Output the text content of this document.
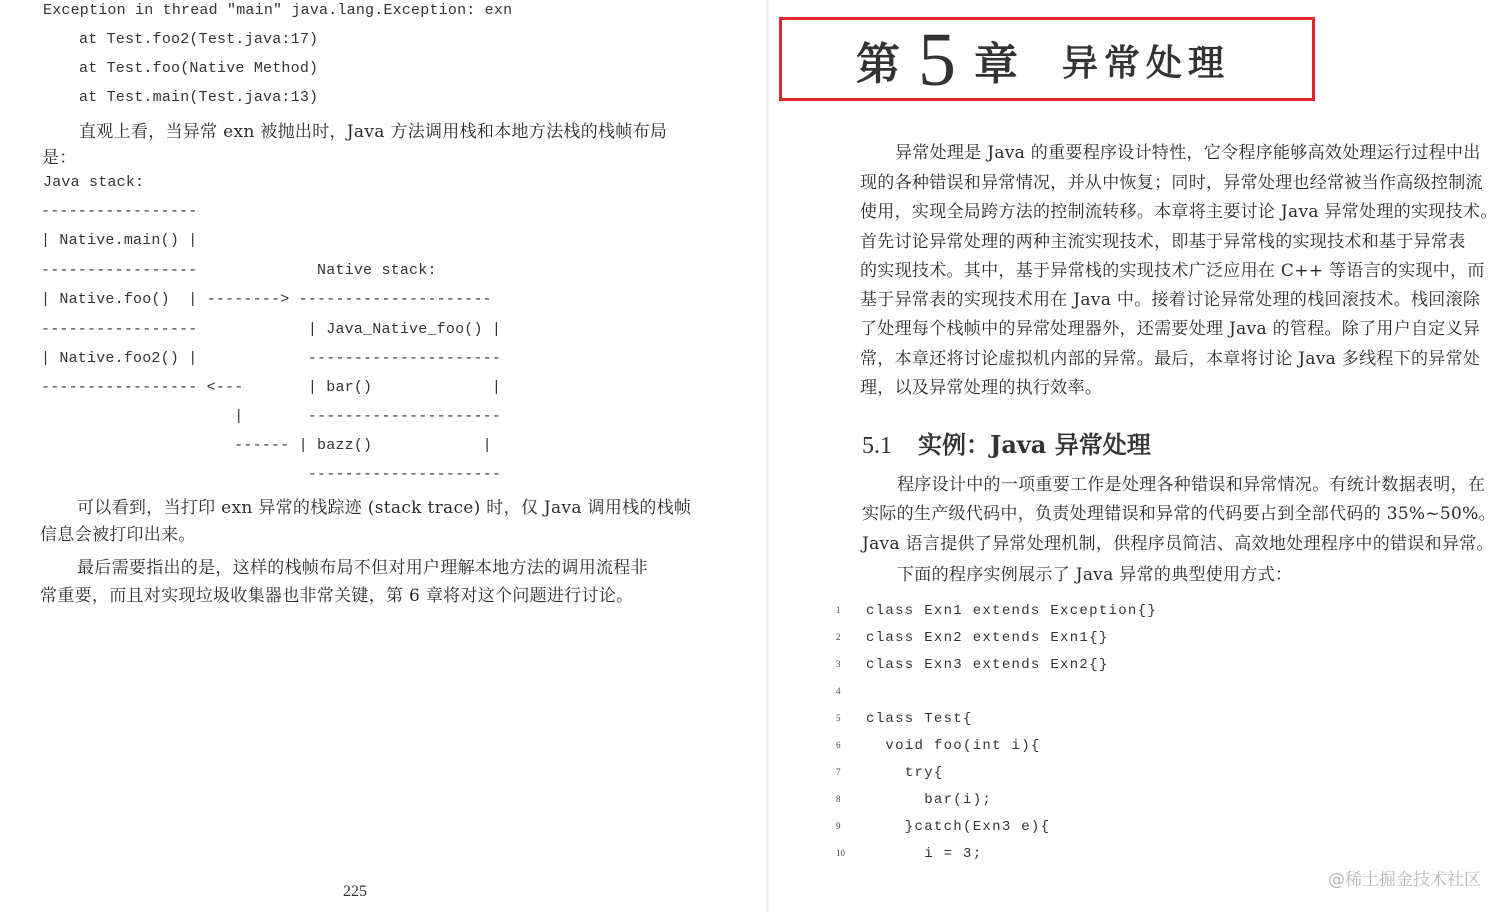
Exception in thread "main" java.lang.Exception: exn
at Test.foo2(Test.java:17)
at Test.foo(Native Method)
at Test.main(Test.java:13)
直观上看，当异常 exn 被抛出时，Java 方法调用栈和本地方法栈的栈帧布局
是：
Java stack:
-----------------
| Native.main() |
-----------------             Native stack:
| Native.foo()  | --------> ---------------------
-----------------            | Java_Native_foo() |
| Native.foo2() |            ---------------------
----------------- <---       | bar()             |
|       ---------------------
------ | bazz()            |
---------------------
可以看到，当打印 exn 异常的栈踪迹 (stack trace) 时，仅 Java 调用栈的栈帧
信息会被打印出来。
最后需要指出的是，这样的栈帧布局不但对用户理解本地方法的调用流程非
常重要，而且对实现垃圾收集器也非常关键，第 6 章将对这个问题进行讨论。
225
第 5 章 异常处理
异常处理是 Java 的重要程序设计特性，它令程序能够高效处理运行过程中出
现的各种错误和异常情况，并从中恢复；同时，异常处理也经常被当作高级控制流
使用，实现全局跨方法的控制流转移。本章将主要讨论 Java 异常处理的实现技术。
首先讨论异常处理的两种主流实现技术，即基于异常栈的实现技术和基于异常表
的实现技术。其中，基于异常栈的实现技术广泛应用在 C++ 等语言的实现中，而
基于异常表的实现技术用在 Java 中。接着讨论异常处理的栈回滚技术。栈回滚除
了处理每个栈帧中的异常处理器外，还需要处理 Java 的管程。除了用户自定义异
常，本章还将讨论虚拟机内部的异常。最后，本章将讨论 Java 多线程下的异常处
理，以及异常处理的执行效率。
5.1 实例：Java 异常处理
程序设计中的一项重要工作是处理各种错误和异常情况。有统计数据表明，在
实际的生产级代码中，负责处理错误和异常的代码要占到全部代码的 35%~50%。
Java 语言提供了异常处理机制，供程序员简洁、高效地处理程序中的错误和异常。
下面的程序实例展示了 Java 异常的典型使用方式：
1 class Exn1 extends Exception{}
2 class Exn2 extends Exn1{}
3 class Exn3 extends Exn2{}
4
5 class Test{
6  void foo(int i){
7    try{
8      bar(i);
9    }catch(Exn3 e){
10      i = 3;
@稀土掘金技术社区
